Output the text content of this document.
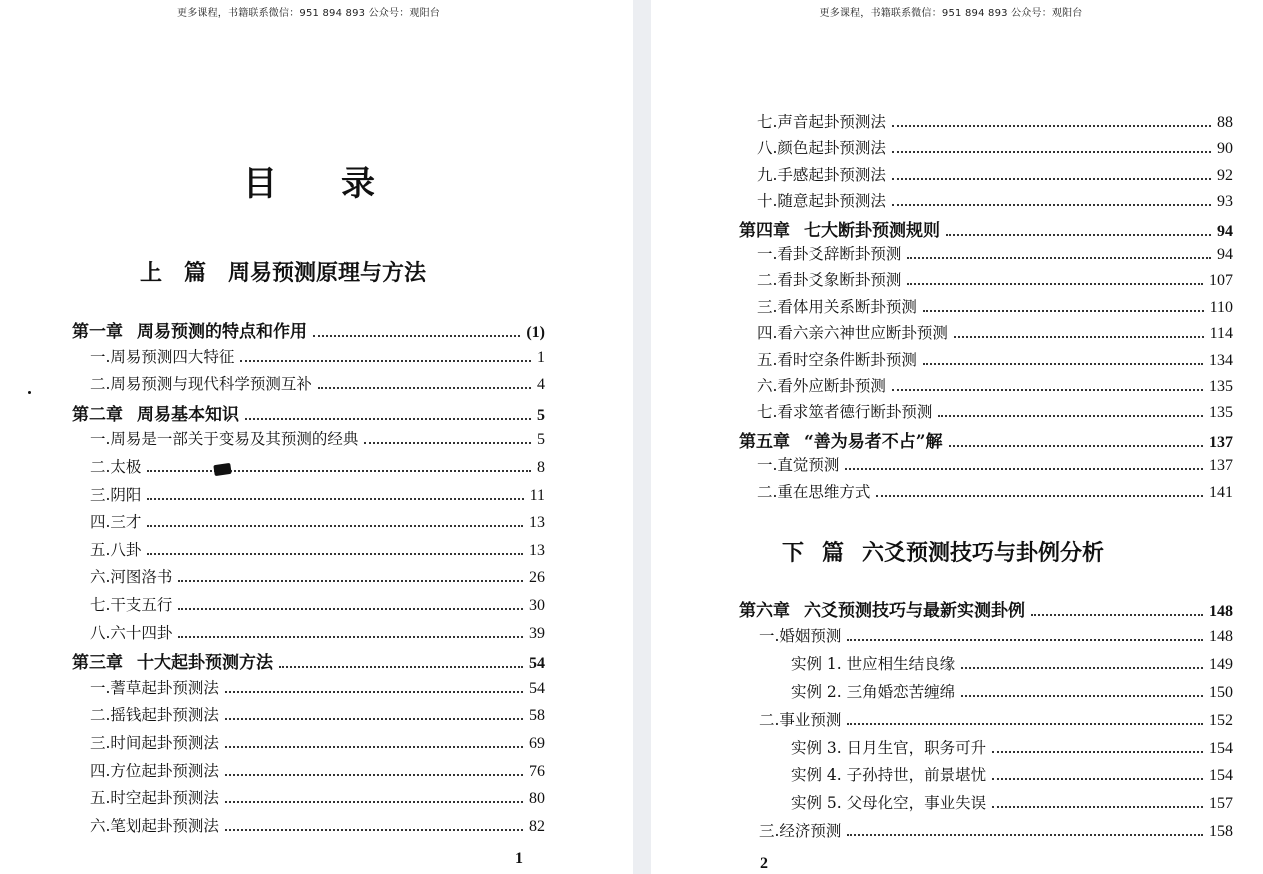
更多课程，书籍联系微信：951 894 893 公众号：观阳台
目 录
上 篇 周易预测原理与方法
第一章 周易预测的特点和作用	(1)
一.周易预测四大特征	1
二.周易预测与现代科学预测互补	4
第二章 周易基本知识	5
一.周易是一部关于变易及其预测的经典	5
二.太极	8
三.阴阳	11
四.三才	13
五.八卦	13
六.河图洛书	26
七.干支五行	30
八.六十四卦	39
第三章 十大起卦预测方法	54
一.蓍草起卦预测法	54
二.摇钱起卦预测法	58
三.时间起卦预测法	69
四.方位起卦预测法	76
五.时空起卦预测法	80
六.笔划起卦预测法	82
1
更多课程，书籍联系微信：951 894 893 公众号：观阳台
七.声音起卦预测法	88
八.颜色起卦预测法	90
九.手感起卦预测法	92
十.随意起卦预测法	93
第四章 七大断卦预测规则	94
一.看卦爻辞断卦预测	94
二.看卦爻象断卦预测	107
三.看体用关系断卦预测	110
四.看六亲六神世应断卦预测	114
五.看时空条件断卦预测	134
六.看外应断卦预测	135
七.看求筮者德行断卦预测	135
第五章 “善为易者不占”解	137
一.直觉预测	137
二.重在思维方式	141
下 篇 六爻预测技巧与卦例分析
第六章 六爻预测技巧与最新实测卦例	148
一.婚姻预测	148
实例 1. 世应相生结良缘	149
实例 2. 三角婚恋苦缠绵	150
二.事业预测	152
实例 3. 日月生官，职务可升	154
实例 4. 子孙持世，前景堪忧	154
实例 5. 父母化空，事业失误	157
三.经济预测	158
2
